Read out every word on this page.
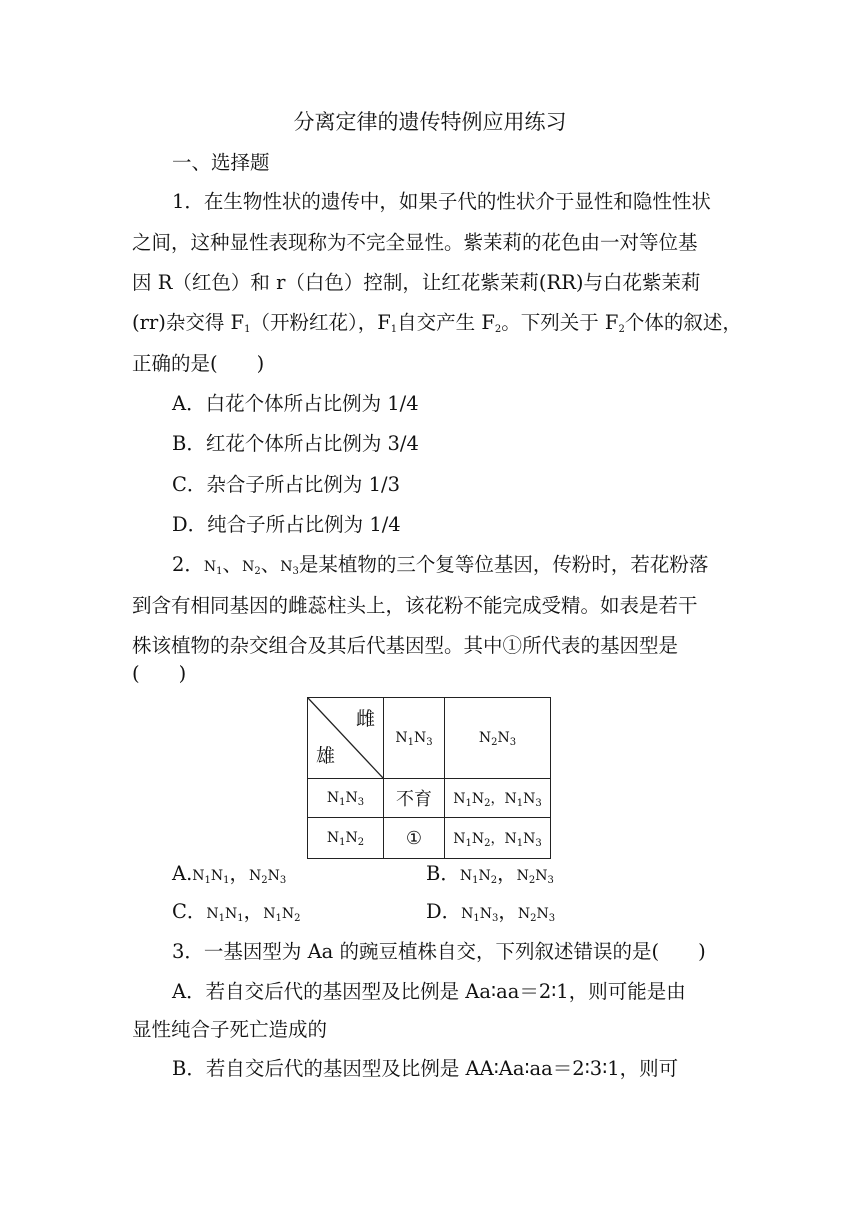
分离定律的遗传特例应用练习
一、选择题
1．在生物性状的遗传中，如果子代的性状介于显性和隐性性状
之间，这种显性表现称为不完全显性。紫茉莉的花色由一对等位基
因 R（红色）和 r（白色）控制，让红花紫茉莉(RR)与白花紫茉莉
(rr)杂交得 $F_1$（开粉红花），$F_1$自交产生 $F_2$。下列关于 $F_2$个体的叙述，
正确的是(　　)
A．白花个体所占比例为 1/4
B．红花个体所占比例为 3/4
C．杂合子所占比例为 1/3
D．纯合子所占比例为 1/4
2．$N_1$、$N_2$、$N_3$是某植物的三个复等位基因，传粉时，若花粉落
到含有相同基因的雌蕊柱头上，该花粉不能完成受精。如表是若干
株该植物的杂交组合及其后代基因型。其中①所代表的基因型是
(　　)
雌
雄	$N_1N_3$	$N_2N_3$
$N_1N_3$	不育	$N_1N_2$，$N_1N_3$
$N_1N_2$	①	$N_1N_2$，$N_1N_3$
$A.N_1N_1$，$N_2N_3$	B．$N_1N_2$，$N_2N_3$
C．$N_1N_1$，$N_1N_2$	D．$N_1N_3$，$N_2N_3$
3．一基因型为 Aa 的豌豆植株自交，下列叙述错误的是(　　)
A．若自交后代的基因型及比例是 Aa∶aa＝2∶1，则可能是由
显性纯合子死亡造成的
B．若自交后代的基因型及比例是 AA∶Aa∶aa＝2∶3∶1，则可
